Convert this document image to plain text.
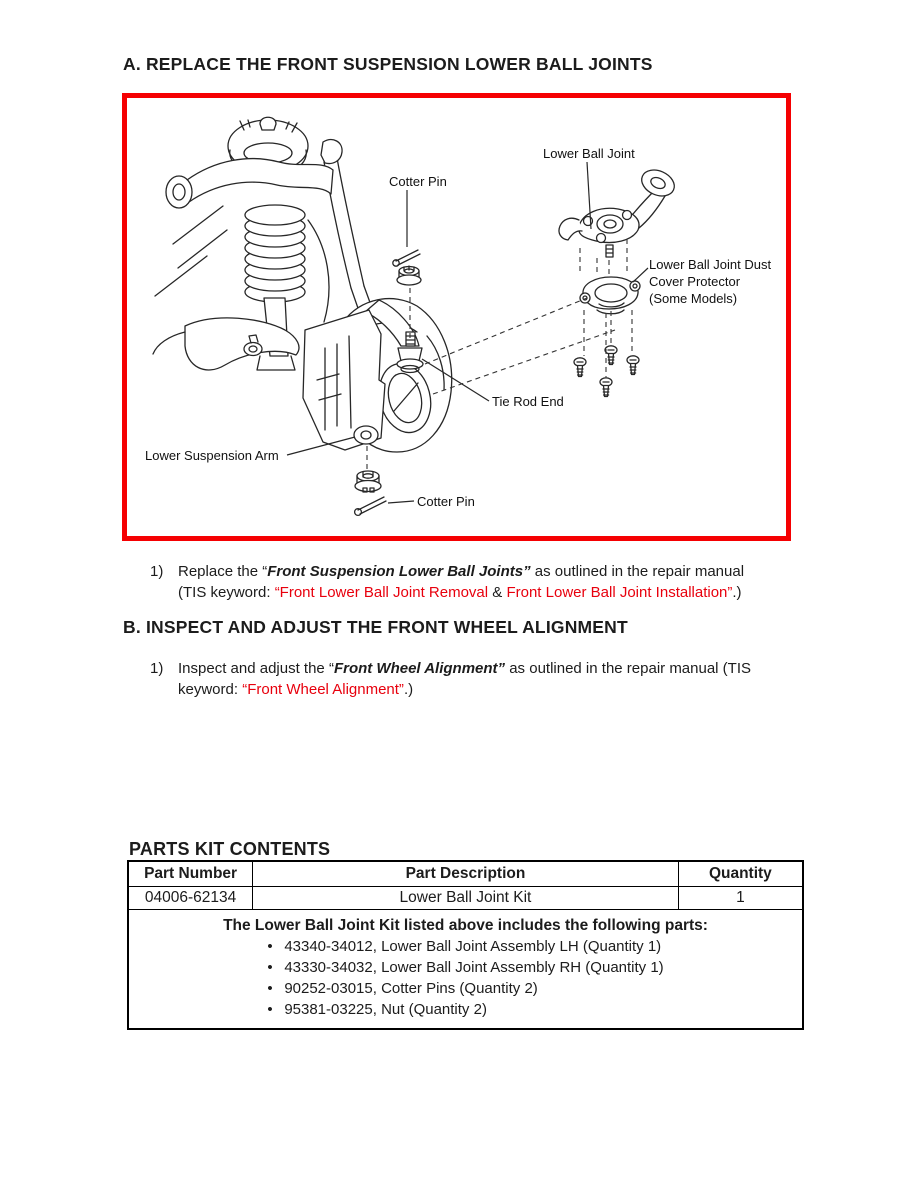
A. REPLACE THE FRONT SUSPENSION LOWER BALL JOINTS
Cotter Pin
Lower Ball Joint
Lower Ball Joint Dust
Cover Protector
(Some Models)
Tie Rod End
Lower Suspension Arm
Cotter Pin
1) Replace the “Front Suspension Lower Ball Joints” as outlined in the repair manual
(TIS keyword: “Front Lower Ball Joint Removal & Front Lower Ball Joint Installation”.)
B. INSPECT AND ADJUST THE FRONT WHEEL ALIGNMENT
1) Inspect and adjust the “Front Wheel Alignment” as outlined in the repair manual (TIS
keyword: “Front Wheel Alignment”.)
PARTS KIT CONTENTS
Part Number	Part Description	Quantity
04006-62134	Lower Ball Joint Kit	1

The Lower Ball Joint Kit listed above includes the following parts:
• 43340-34012, Lower Ball Joint Assembly LH (Quantity 1)
• 43330-34032, Lower Ball Joint Assembly RH (Quantity 1)
• 90252-03015, Cotter Pins (Quantity 2)
• 95381-03225, Nut (Quantity 2)		
